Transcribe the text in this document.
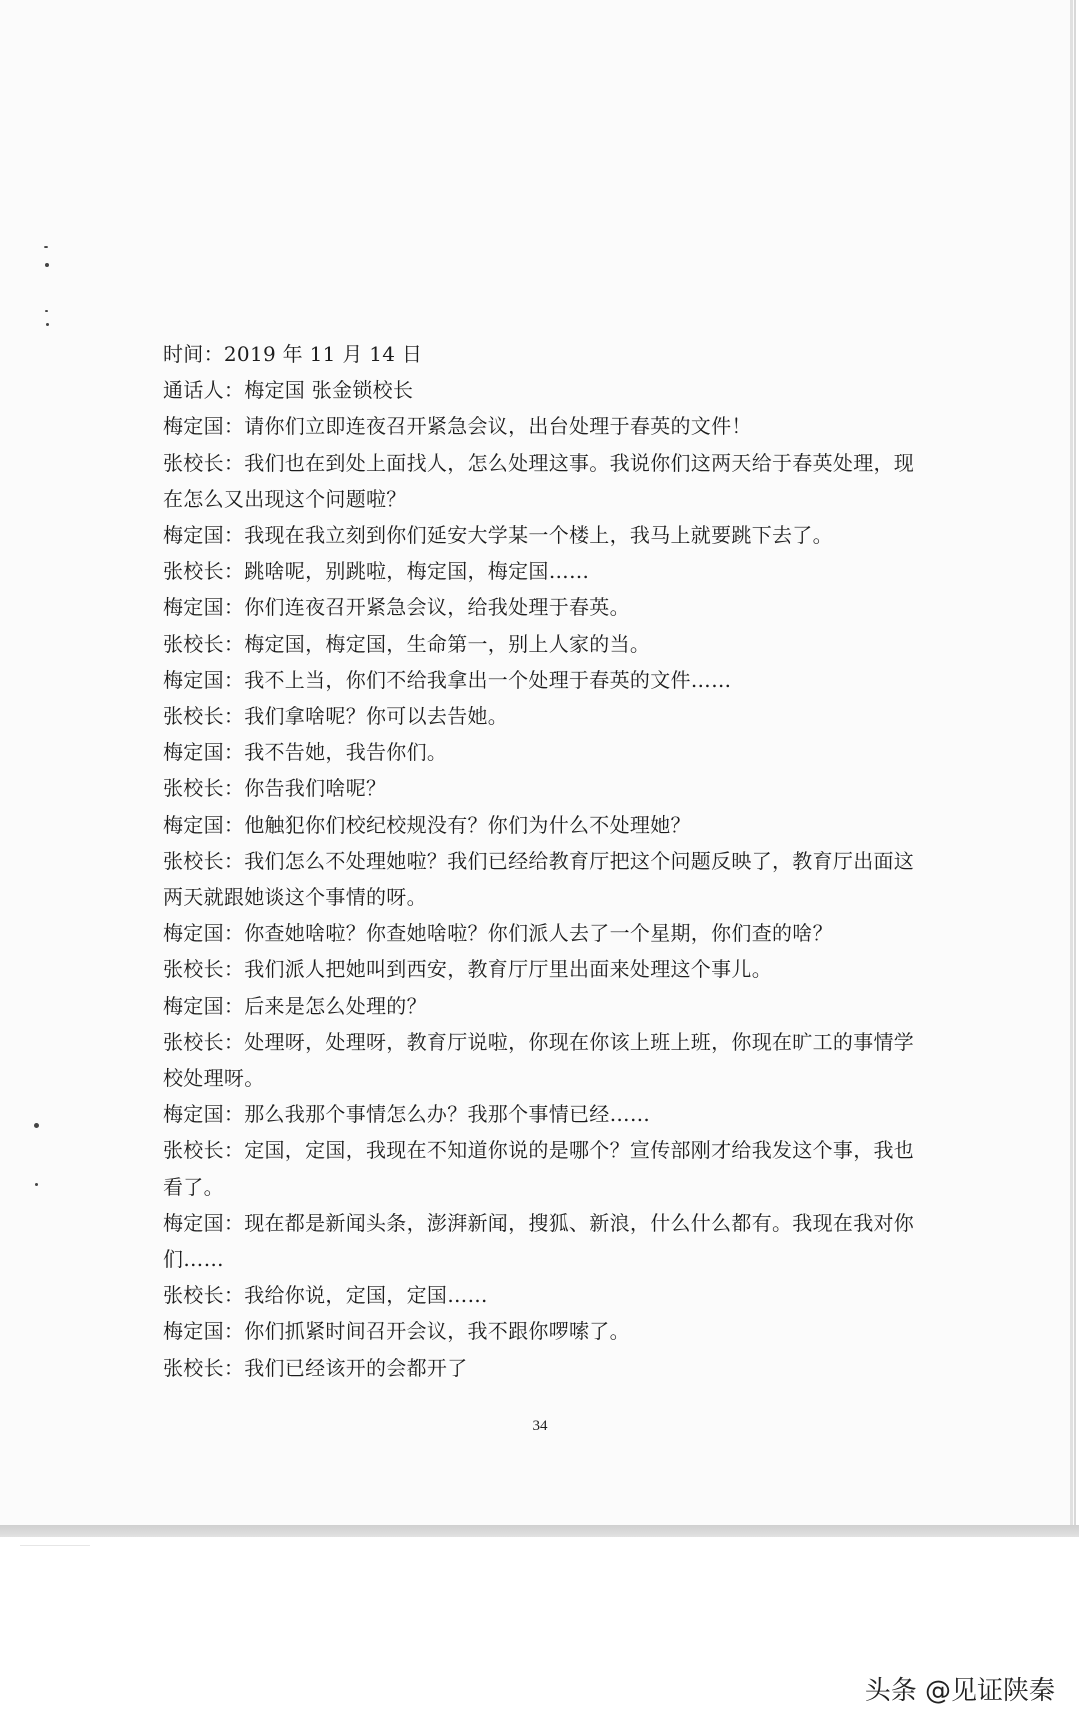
时间：2019 年 11 月 14 日
通话人：梅定国 张金锁校长
梅定国：请你们立即连夜召开紧急会议，出台处理于春英的文件！
张校长：我们也在到处上面找人，怎么处理这事。我说你们这两天给于春英处理，现在怎么又出现这个问题啦？
梅定国：我现在我立刻到你们延安大学某一个楼上，我马上就要跳下去了。
张校长：跳啥呢，别跳啦，梅定国，梅定国……
梅定国：你们连夜召开紧急会议，给我处理于春英。
张校长：梅定国，梅定国，生命第一，别上人家的当。
梅定国：我不上当，你们不给我拿出一个处理于春英的文件……
张校长：我们拿啥呢？你可以去告她。
梅定国：我不告她，我告你们。
张校长：你告我们啥呢？
梅定国：他触犯你们校纪校规没有？你们为什么不处理她？
张校长：我们怎么不处理她啦？我们已经给教育厅把这个问题反映了，教育厅出面这两天就跟她谈这个事情的呀。
梅定国：你查她啥啦？你查她啥啦？你们派人去了一个星期，你们查的啥？
张校长：我们派人把她叫到西安，教育厅厅里出面来处理这个事儿。
梅定国：后来是怎么处理的？
张校长：处理呀，处理呀，教育厅说啦，你现在你该上班上班，你现在旷工的事情学校处理呀。
梅定国：那么我那个事情怎么办？我那个事情已经……
张校长：定国，定国，我现在不知道你说的是哪个？宣传部刚才给我发这个事，我也看了。
梅定国：现在都是新闻头条，澎湃新闻，搜狐、新浪，什么什么都有。我现在我对你们……
张校长：我给你说，定国，定国……
梅定国：你们抓紧时间召开会议，我不跟你啰嗦了。
张校长：我们已经该开的会都开了
34
头条 @见证陕秦
